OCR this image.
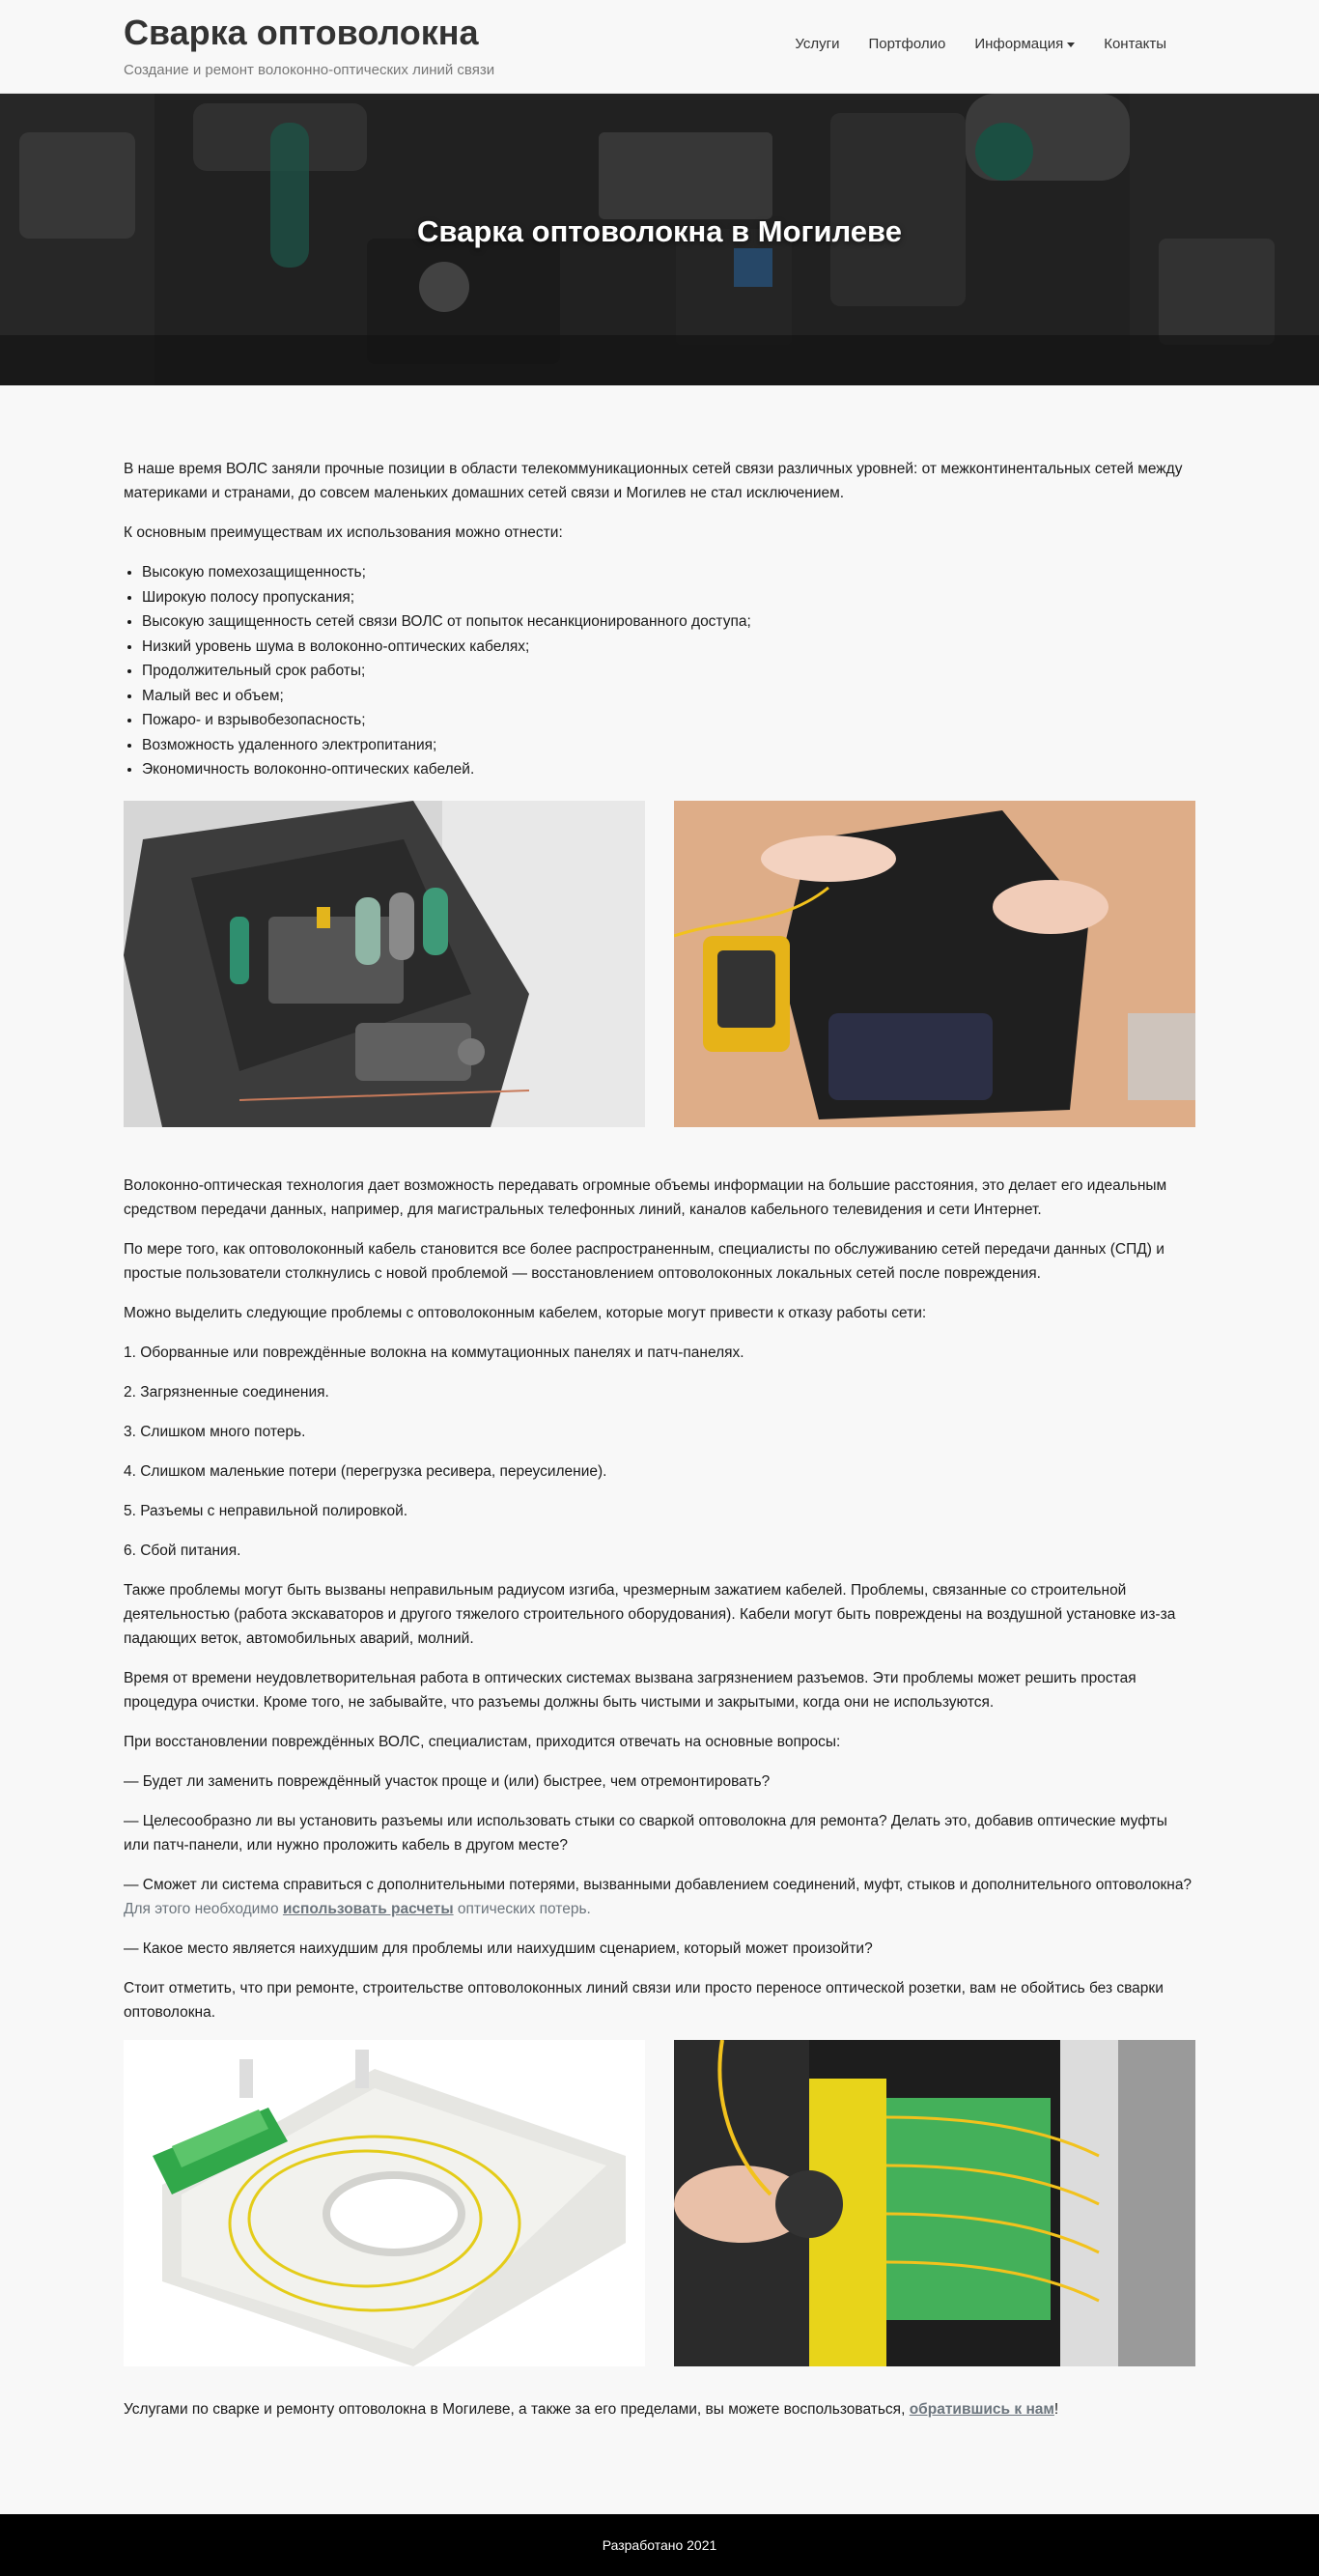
Сварка оптоволокна
Создание и ремонт волоконно-оптических линий связи
Услуги Портфолио Информация	Контакты
Сварка оптоволокна в Могилеве

В наше время ВОЛС заняли прочные позиции в области телекоммуникационных сетей связи различных уровней: от межконтинентальных сетей между материками и странами, до совсем маленьких домашних сетей связи и Могилев не стал исключением.

К основным преимуществам их использования можно отнести:

• Высокую помехозащищенность;
• Широкую полосу пропускания;
• Высокую защищенность сетей связи ВОЛС от попыток несанкционированного доступа;
• Низкий уровень шума в волоконно-оптических кабелях;
• Продолжительный срок работы;
• Малый вес и объем;
• Пожаро- и взрывобезопасность;
• Возможность удаленного электропитания;
• Экономичность волоконно-оптических кабелей.

Волоконно-оптическая технология дает возможность передавать огромные объемы информации на большие расстояния, это делает его идеальным средством передачи данных, например, для магистральных телефонных линий, каналов кабельного телевидения и сети Интернет.

По мере того, как оптоволоконный кабель становится все более распространенным, специалисты по обслуживанию сетей передачи данных (СПД) и простые пользователи столкнулись с новой проблемой — восстановлением оптоволоконных локальных сетей после повреждения.

Можно выделить следующие проблемы с оптоволоконным кабелем, которые могут привести к отказу работы сети:

1. Оборванные или повреждённые волокна на коммутационных панелях и патч-панелях.

2. Загрязненные соединения.

3. Слишком много потерь.

4. Слишком маленькие потери (перегрузка ресивера, переусиление).

5. Разъемы с неправильной полировкой.

6. Сбой питания.

Также проблемы могут быть вызваны неправильным радиусом изгиба, чрезмерным зажатием кабелей. Проблемы, связанные со строительной деятельностью (работа экскаваторов и другого тяжелого строительного оборудования). Кабели могут быть повреждены на воздушной установке из-за падающих веток, автомобильных аварий, молний.

Время от времени неудовлетворительная работа в оптических системах вызвана загрязнением разъемов. Эти проблемы может решить простая процедура очистки. Кроме того, не забывайте, что разъемы должны быть чистыми и закрытыми, когда они не используются.

При восстановлении повреждённых ВОЛС, специалистам, приходится отвечать на основные вопросы:

— Будет ли заменить повреждённый участок проще и (или) быстрее, чем отремонтировать?

— Целесообразно ли вы установить разъемы или использовать стыки со сваркой оптоволокна для ремонта? Делать это, добавив оптические муфты или патч-панели, или нужно проложить кабель в другом месте?

— Сможет ли система справиться с дополнительными потерями, вызванными добавлением соединений, муфт, стыков и дополнительного оптоволокна? Для этого необходимо использовать расчеты оптических потерь.

— Какое место является наихудшим для проблемы или наихудшим сценарием, который может произойти?

Стоит отметить, что при ремонте, строительстве оптоволоконных линий связи или просто переносе оптической розетки, вам не обойтись без сварки оптоволокна.

Услугами по сварке и ремонту оптоволокна в Могилеве, а также за его пределами, вы можете воспользоваться, обратившись к нам!

Разработано 2021
